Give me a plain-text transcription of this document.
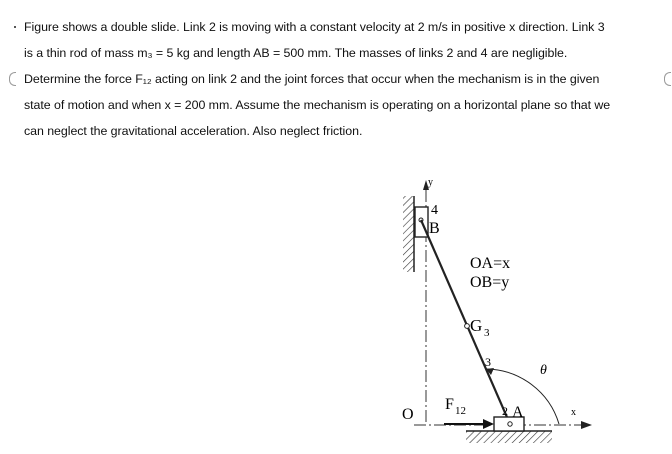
Figure shows a double slide. Link 2 is moving with a constant velocity at 2 m/s in positive x direction. Link 3
is a thin rod of mass m₃ = 5 kg and length AB = 500 mm. The masses of links 2 and 4 are negligible.
Determine the force F₁₂ acting on link 2 and the joint forces that occur when the mechanism is in the given
state of motion and when x = 200 mm. Assume the mechanism is operating on a horizontal plane so that we
can neglect the gravitational acceleration. Also neglect friction.
y
4
B
OA=x
OB=y
G 3
3
θ
O
F 12	2 A	x
